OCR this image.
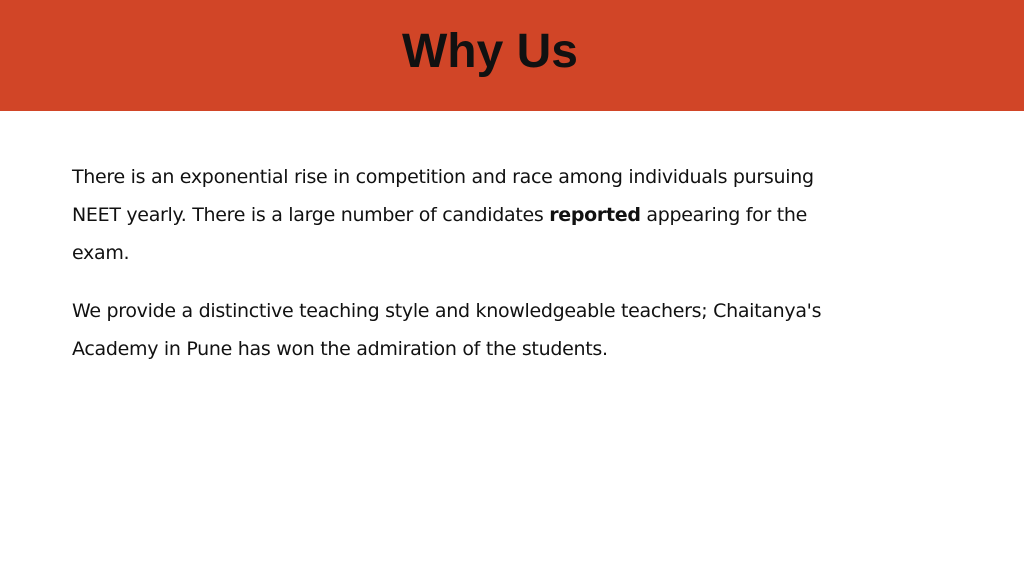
Why Us

There is an exponential rise in competition and race among individuals pursuing NEET yearly. There is a large number of candidates reported appearing for the exam.

We provide a distinctive teaching style and knowledgeable teachers; Chaitanya's Academy in Pune has won the admiration of the students.
